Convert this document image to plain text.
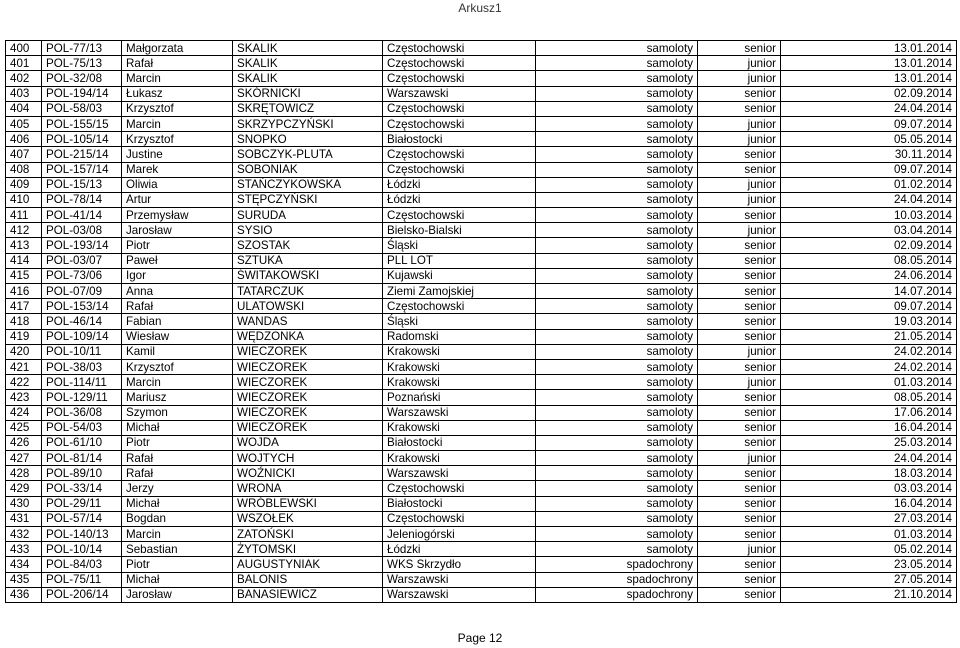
Arkusz1
400	POL-77/13	Małgorzata	SKALIK	Częstochowski	samoloty	senior	13.01.2014
401	POL-75/13	Rafał	SKALIK	Częstochowski	samoloty	junior	13.01.2014
402	POL-32/08	Marcin	SKALIK	Częstochowski	samoloty	junior	13.01.2014
403	POL-194/14	Łukasz	SKÓRNICKI	Warszawski	samoloty	senior	02.09.2014
404	POL-58/03	Krzysztof	SKRĘTOWICZ	Częstochowski	samoloty	senior	24.04.2014
405	POL-155/15	Marcin	SKRZYPCZYŃSKI	Częstochowski	samoloty	junior	09.07.2014
406	POL-105/14	Krzysztof	SNOPKO	Białostocki	samoloty	junior	05.05.2014
407	POL-215/14	Justine	SOBCZYK-PLUTA	Częstochowski	samoloty	senior	30.11.2014
408	POL-157/14	Marek	SOBONIAK	Częstochowski	samoloty	senior	09.07.2014
409	POL-15/13	Oliwia	STAŃCZYKOWSKA	Łódzki	samoloty	junior	01.02.2014
410	POL-78/14	Artur	STĘPCZYŃSKI	Łódzki	samoloty	junior	24.04.2014
411	POL-41/14	Przemysław	SURUDA	Częstochowski	samoloty	senior	10.03.2014
412	POL-03/08	Jarosław	SYSIO	Bielsko-Bialski	samoloty	junior	03.04.2014
413	POL-193/14	Piotr	SZOSTAK	Śląski	samoloty	senior	02.09.2014
414	POL-03/07	Paweł	SZTUKA	PLL LOT	samoloty	senior	08.05.2014
415	POL-73/06	Igor	ŚWITAKOWSKI	Kujawski	samoloty	senior	24.06.2014
416	POL-07/09	Anna	TATARCZUK	Ziemi Zamojskiej	samoloty	senior	14.07.2014
417	POL-153/14	Rafał	ULATOWSKI	Częstochowski	samoloty	senior	09.07.2014
418	POL-46/14	Fabian	WANDAS	Śląski	samoloty	senior	19.03.2014
419	POL-109/14	Wiesław	WĘDZONKA	Radomski	samoloty	senior	21.05.2014
420	POL-10/11	Kamil	WIECZOREK	Krakowski	samoloty	junior	24.02.2014
421	POL-38/03	Krzysztof	WIECZOREK	Krakowski	samoloty	senior	24.02.2014
422	POL-114/11	Marcin	WIECZOREK	Krakowski	samoloty	junior	01.03.2014
423	POL-129/11	Mariusz	WIECZOREK	Poznański	samoloty	senior	08.05.2014
424	POL-36/08	Szymon	WIECZOREK	Warszawski	samoloty	senior	17.06.2014
425	POL-54/03	Michał	WIECZOREK	Krakowski	samoloty	senior	16.04.2014
426	POL-61/10	Piotr	WOJDA	Białostocki	samoloty	senior	25.03.2014
427	POL-81/14	Rafał	WOJTYCH	Krakowski	samoloty	junior	24.04.2014
428	POL-89/10	Rafał	WOŹNICKI	Warszawski	samoloty	senior	18.03.2014
429	POL-33/14	Jerzy	WRONA	Częstochowski	samoloty	senior	03.03.2014
430	POL-29/11	Michał	WRÓBLEWSKI	Białostocki	samoloty	senior	16.04.2014
431	POL-57/14	Bogdan	WSZOŁEK	Częstochowski	samoloty	senior	27.03.2014
432	POL-140/13	Marcin	ZATOŃSKI	Jeleniogórski	samoloty	senior	01.03.2014
433	POL-10/14	Sebastian	ŻYTOMSKI	Łódzki	samoloty	junior	05.02.2014
434	POL-84/03	Piotr	AUGUSTYNIAK	WKS Skrzydło	spadochrony	senior	23.05.2014
435	POL-75/11	Michał	BALONIS	Warszawski	spadochrony	senior	27.05.2014
436	POL-206/14	Jarosław	BANASIEWICZ	Warszawski	spadochrony	senior	21.10.2014
Page 12
